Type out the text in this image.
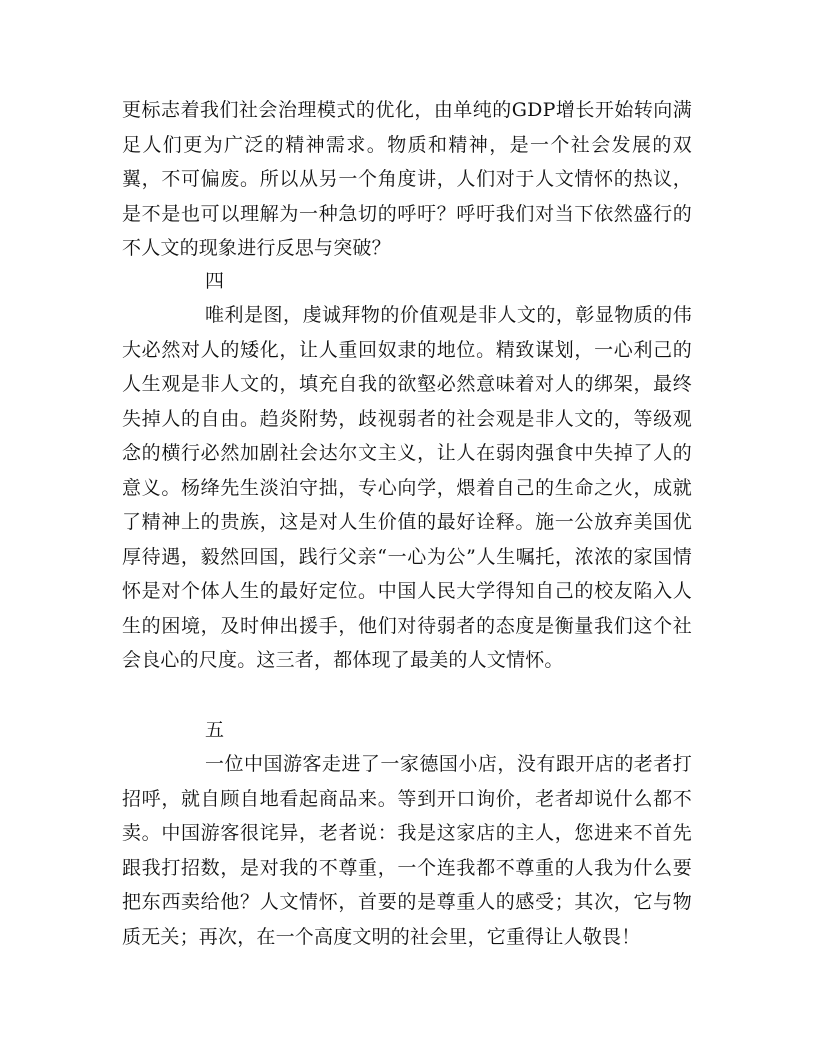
更标志着我们社会治理模式的优化，由单纯的GDP增长开始转向满足人们更为广泛的精神需求。物质和精神，是一个社会发展的双翼，不可偏废。所以从另一个角度讲，人们对于人文情怀的热议，是不是也可以理解为一种急切的呼吁？呼吁我们对当下依然盛行的不人文的现象进行反思与突破？

四

唯利是图，虔诚拜物的价值观是非人文的，彰显物质的伟大必然对人的矮化，让人重回奴隶的地位。精致谋划，一心利己的人生观是非人文的，填充自我的欲壑必然意味着对人的绑架，最终失掉人的自由。趋炎附势，歧视弱者的社会观是非人文的，等级观念的横行必然加剧社会达尔文主义，让人在弱肉强食中失掉了人的意义。杨绛先生淡泊守拙，专心向学，煨着自己的生命之火，成就了精神上的贵族，这是对人生价值的最好诠释。施一公放弃美国优厚待遇，毅然回国，践行父亲“一心为公”人生嘱托，浓浓的家国情怀是对个体人生的最好定位。中国人民大学得知自己的校友陷入人生的困境，及时伸出援手，他们对待弱者的态度是衡量我们这个社会良心的尺度。这三者，都体现了最美的人文情怀。

五

一位中国游客走进了一家德国小店，没有跟开店的老者打招呼，就自顾自地看起商品来。等到开口询价，老者却说什么都不卖。中国游客很诧异，老者说：我是这家店的主人，您进来不首先跟我打招数，是对我的不尊重，一个连我都不尊重的人我为什么要把东西卖给他？人文情怀，首要的是尊重人的感受；其次，它与物质无关；再次，在一个高度文明的社会里，它重得让人敬畏！
